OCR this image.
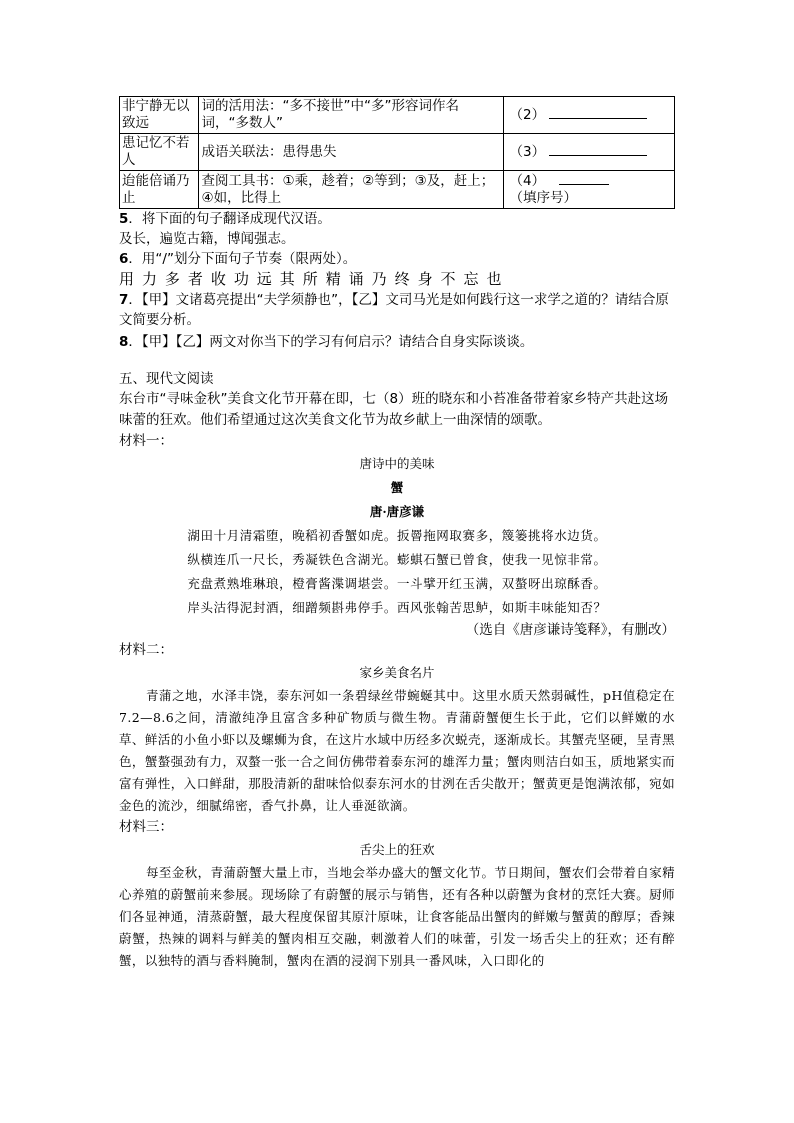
非宁静无以致远	词的活用法：“多不接世”中“多”形容词作名词，“多数人”	（2）
患记忆不若人	成语关联法：患得患失	（3）
迨能倍诵乃止	查阅工具书：①乘，趁着；②等到；③及，赶上；④如，比得上	（4）（填序号）

5．将下面的句子翻译成现代汉语。

及长，遍览古籍，博闻强志。

6．用“/”划分下面句子节奏（限两处）。

用 力 多 者 收 功 远 其 所 精 诵 乃 终 身 不 忘 也

7．【甲】文诸葛亮提出“夫学须静也”，【乙】文司马光是如何践行这一求学之道的？请结合原文简要分析。

8．【甲】【乙】两文对你当下的学习有何启示？请结合自身实际谈谈。

五、现代文阅读

东台市“寻味金秋”美食文化节开幕在即，七（8）班的晓东和小苔准备带着家乡特产共赴这场味蕾的狂欢。他们希望通过这次美食文化节为故乡献上一曲深情的颂歌。

材料一：

唐诗中的美味

蟹

唐·唐彦谦

湖田十月清霜堕，晚稻初香蟹如虎。扳罾拖网取赛多，篾篓挑将水边货。

纵横连爪一尺长，秀凝铁色含湖光。蟛蜞石蟹已曾食，使我一见惊非常。

充盘煮熟堆琳琅，橙膏酱渫调堪尝。一斗擘开红玉满，双螯呀出琼酥香。

岸头沽得泥封酒，细蹭频斟弗停手。西风张翰苦思鲈，如斯丰味能知否？

（选自《唐彦谦诗笺释》，有删改）

材料二：

家乡美食名片

青蒲之地，水泽丰饶，泰东河如一条碧绿丝带蜿蜒其中。这里水质天然弱碱性，pH值稳定在7.2—8.6之间，清澈纯净且富含多种矿物质与微生物。青蒲蔚蟹便生长于此，它们以鲜嫩的水草、鲜活的小鱼小虾以及螺蛳为食，在这片水域中历经多次蜕壳，逐渐成长。其蟹壳坚硬，呈青黑色，蟹螯强劲有力，双螯一张一合之间仿佛带着泰东河的雄浑力量；蟹肉则洁白如玉，质地紧实而富有弹性，入口鲜甜，那股清新的甜味恰似泰东河水的甘洌在舌尖散开；蟹黄更是饱满浓郁，宛如金色的流沙，细腻绵密，香气扑鼻，让人垂涎欲滴。

材料三：

舌尖上的狂欢

每至金秋，青蒲蔚蟹大量上市，当地会举办盛大的蟹文化节。节日期间，蟹农们会带着自家精心养殖的蔚蟹前来参展。现场除了有蔚蟹的展示与销售，还有各种以蔚蟹为食材的烹饪大赛。厨师们各显神通，清蒸蔚蟹，最大程度保留其原汁原味，让食客能品出蟹肉的鲜嫩与蟹黄的醇厚；香辣蔚蟹，热辣的调料与鲜美的蟹肉相互交融，刺激着人们的味蕾，引发一场舌尖上的狂欢；还有醉蟹，以独特的酒与香料腌制，蟹肉在酒的浸润下别具一番风味，入口即化的
